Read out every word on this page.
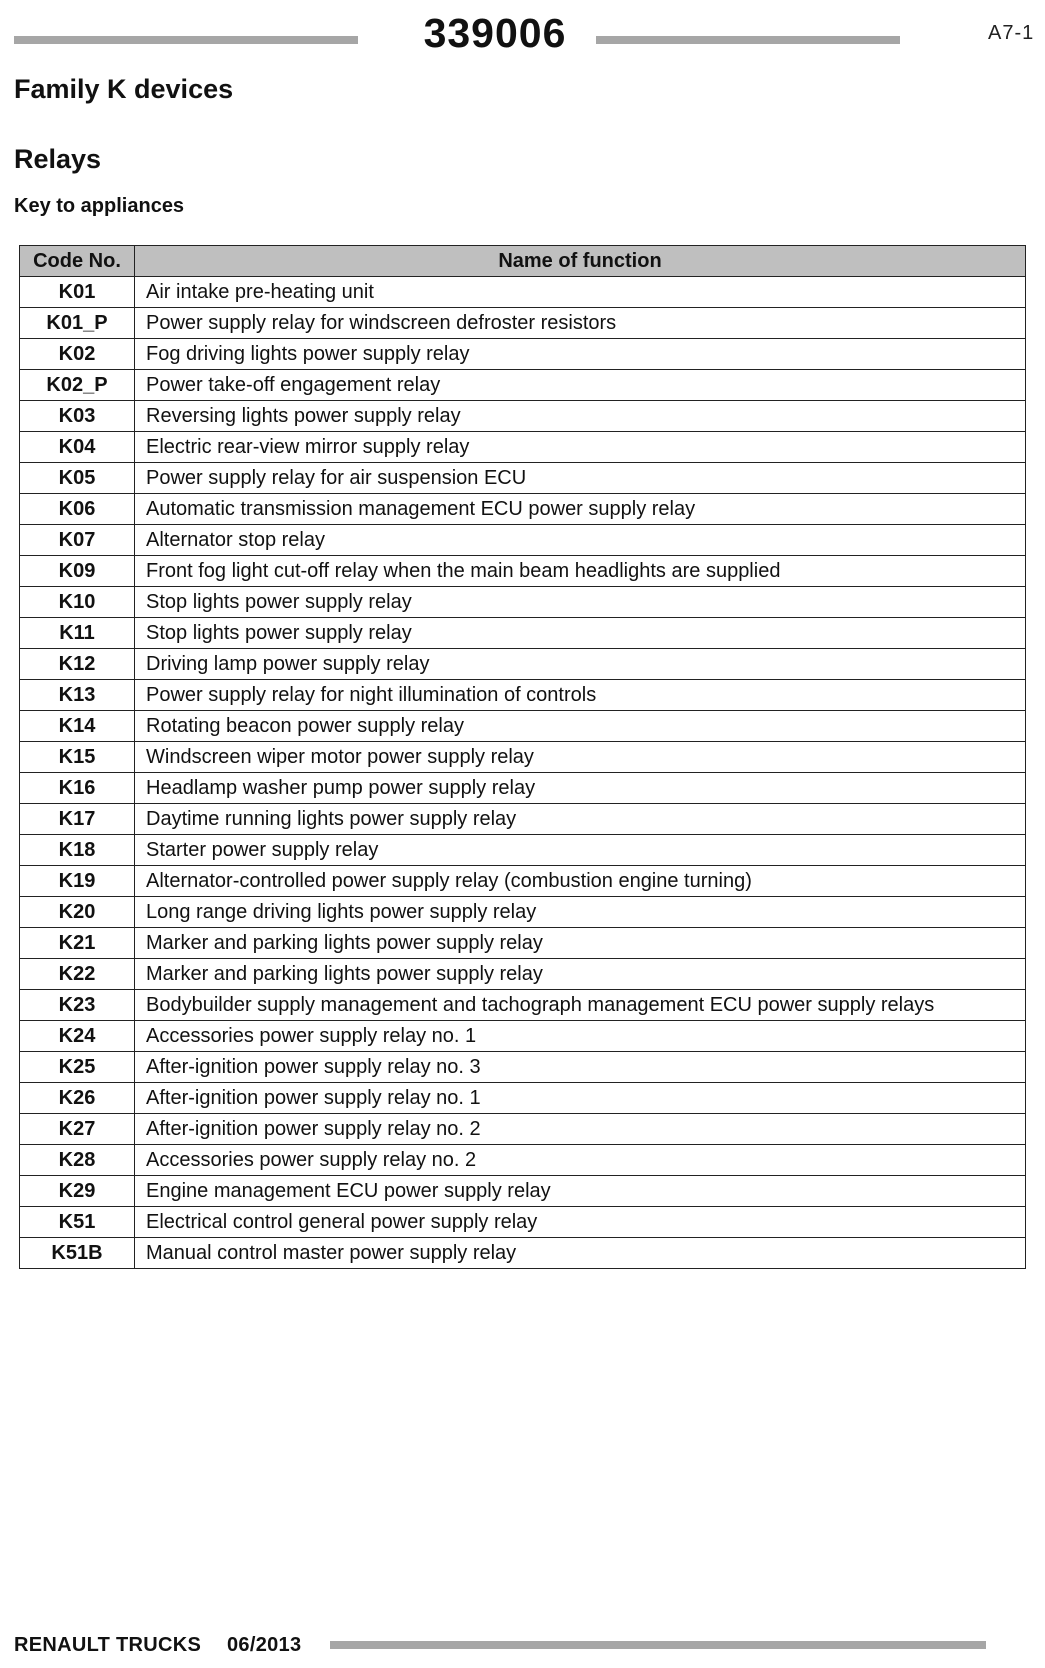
339006	A7-1
Family K devices
Relays
Key to appliances
Code No.	Name of function
K01	Air intake pre-heating unit
K01_P	Power supply relay for windscreen defroster resistors
K02	Fog driving lights power supply relay
K02_P	Power take-off engagement relay
K03	Reversing lights power supply relay
K04	Electric rear-view mirror supply relay
K05	Power supply relay for air suspension ECU
K06	Automatic transmission management ECU power supply relay
K07	Alternator stop relay
K09	Front fog light cut-off relay when the main beam headlights are supplied
K10	Stop lights power supply relay
K11	Stop lights power supply relay
K12	Driving lamp power supply relay
K13	Power supply relay for night illumination of controls
K14	Rotating beacon power supply relay
K15	Windscreen wiper motor power supply relay
K16	Headlamp washer pump power supply relay
K17	Daytime running lights power supply relay
K18	Starter power supply relay
K19	Alternator-controlled power supply relay (combustion engine turning)
K20	Long range driving lights power supply relay
K21	Marker and parking lights power supply relay
K22	Marker and parking lights power supply relay
K23	Bodybuilder supply management and tachograph management ECU power supply relays
K24	Accessories power supply relay no. 1
K25	After-ignition power supply relay no. 3
K26	After-ignition power supply relay no. 1
K27	After-ignition power supply relay no. 2
K28	Accessories power supply relay no. 2
K29	Engine management ECU power supply relay
K51	Electrical control general power supply relay
K51B	Manual control master power supply relay
RENAULT TRUCKS 06/2013
